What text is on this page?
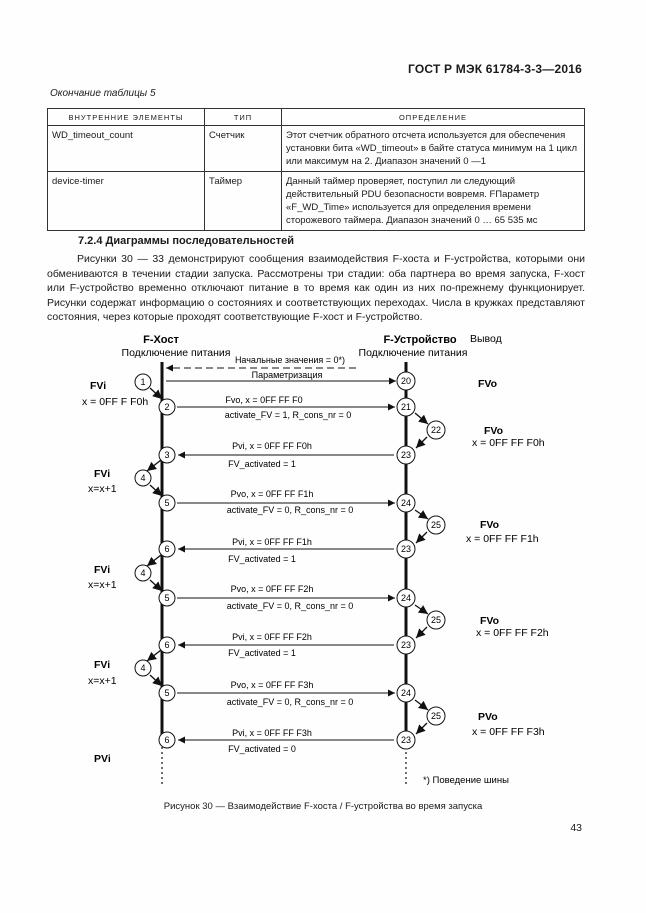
ГОСТ Р МЭК 61784-3-3—2016
Окончание таблицы 5
ВНУТРЕННИЕ ЭЛЕМЕНТЫ	ТИП	ОПРЕДЕЛЕНИЕ
WD_timeout_count	Счетчик	Этот счетчик обратного отсчета используется для обеспечения установки бита «WD_timeout» в байте статуса минимум на 1 цикл или максимум на 2. Диапазон значений 0 —1
device-timer	Таймер	Данный таймер проверяет, поступил ли следующий действительный PDU безопасности вовремя. FПараметр «F_WD_Time» используется для определения времени сторожевого таймера. Диапазон значений 0 … 65 535 мс
7.2.4 Диаграммы последовательностей
Рисунки 30 — 33 демонстрируют сообщения взаимодействия F-хоста и F-устройства, которыми они обмениваются в течении стадии запуска. Рассмотрены три стадии: оба партнера во время запуска, F-хост или F-устройство временно отключают питание в то время как один из них по-прежнему функционирует. Рисунки содержат информацию о состояниях и соответствующих переходах. Числа в кружках представляют состояния, через которые проходят соответствующие F-хост и F-устройство.
F-Хост
Подключение питания
F-Устройство
Подключение питания
Вывод
Начальные значения = 0*)
Параметризация
FVi
x = 0FF F F0h
FVi
x=x+1
FVi
x=x+1
FVi
x=x+1
PVi
FVo
FVo
x = 0FF FF F0h
FVo
x = 0FF FF F1h
FVo
x = 0FF FF F2h
PVo
x = 0FF FF F3h
Fvo, x = 0FF FF F0
activate_FV = 1, R_cons_nr = 0
Pvi, x = 0FF FF F0h
FV_activated = 1
Pvo, x = 0FF FF F1h
activate_FV = 0, R_cons_nr = 0
Pvi, x = 0FF FF F1h
FV_activated = 1
Pvo, x = 0FF FF F2h
activate_FV = 0, R_cons_nr = 0
Pvi, x = 0FF FF F2h
FV_activated = 1
Pvo, x = 0FF FF F3h
activate_FV = 0, R_cons_nr = 0
Pvi, x = 0FF FF F3h
FV_activated = 0
1
2
3
4
5
6
4
5
6
4
5
6
20
21
22
23
24
25
23
24
25
23
24
25
23
*) Поведение шины
Рисунок 30 — Взаимодействие F-хоста / F-устройства во время запуска
43
